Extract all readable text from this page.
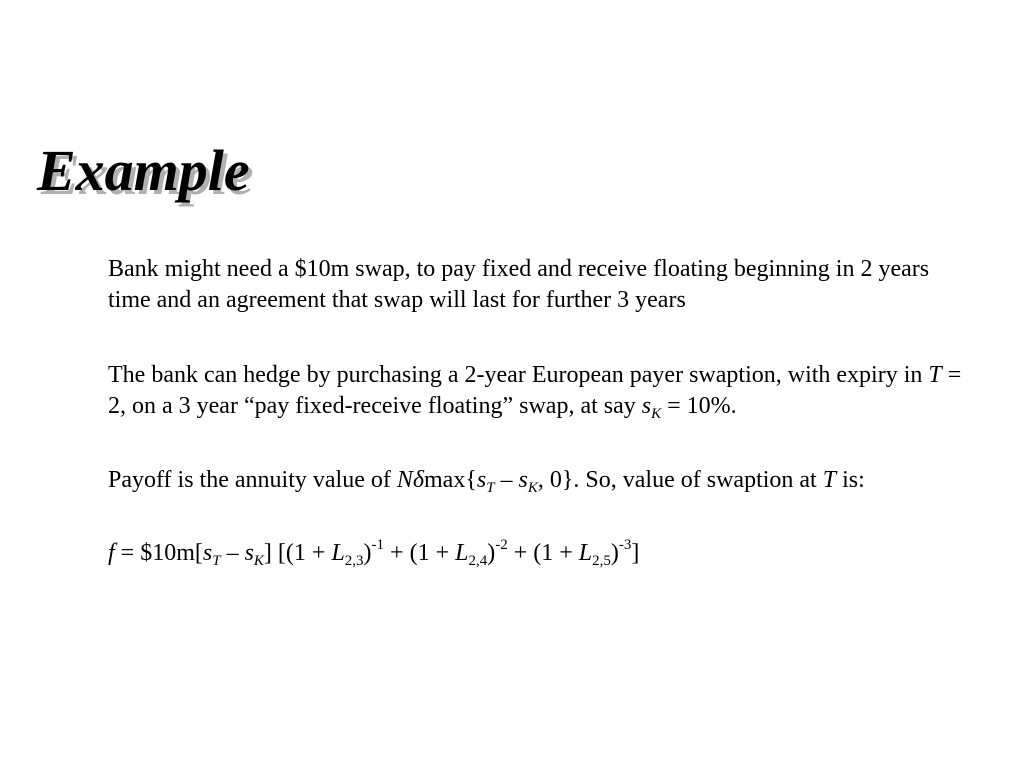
Example

Bank might need a $10m swap, to pay fixed and receive floating beginning in 2 years time and an agreement that swap will last for further 3 years

The bank can hedge by purchasing a 2-year European payer swaption, with expiry in T = 2, on a 3 year “pay fixed-receive floating” swap, at say $s_K = 10\%$.

Payoff is the annuity value of $N\delta\max\{s_T - s_K$, 0}. So, value of swaption at T is:

$f = \$10m[s_T - s_K] [(1 + L_{2,3})^{-1} + (1 + L_{2,4})^{-2} + (1 + L_{2,5})^{-3}]$
